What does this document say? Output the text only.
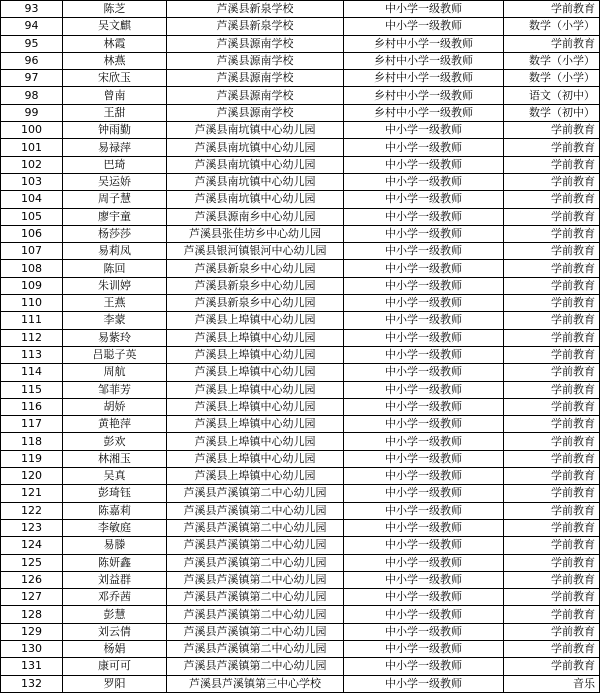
93	陈芝	芦溪县新泉学校	中小学一级教师	学前教育
94	吴文麒	芦溪县新泉学校	中小学一级教师	数学（小学）
95	林霞	芦溪县源南学校	乡村中小学一级教师	学前教育
96	林燕	芦溪县源南学校	乡村中小学一级教师	数学（小学）
97	宋欣玉	芦溪县源南学校	乡村中小学一级教师	数学（小学）
98	曾南	芦溪县源南学校	乡村中小学一级教师	语文（初中）
99	王甜	芦溪县源南学校	乡村中小学一级教师	数学（初中）
100	钟雨勤	芦溪县南坑镇中心幼儿园	中小学一级教师	学前教育
101	易禄萍	芦溪县南坑镇中心幼儿园	中小学一级教师	学前教育
102	巴琦	芦溪县南坑镇中心幼儿园	中小学一级教师	学前教育
103	吴运娇	芦溪县南坑镇中心幼儿园	中小学一级教师	学前教育
104	周子慧	芦溪县南坑镇中心幼儿园	中小学一级教师	学前教育
105	廖宇童	芦溪县源南乡中心幼儿园	中小学一级教师	学前教育
106	杨莎莎	芦溪县张佳坊乡中心幼儿园	中小学一级教师	学前教育
107	易莉凤	芦溪县银河镇银河中心幼儿园	中小学一级教师	学前教育
108	陈回	芦溪县新泉乡中心幼儿园	中小学一级教师	学前教育
109	朱训婷	芦溪县新泉乡中心幼儿园	中小学一级教师	学前教育
110	王燕	芦溪县新泉乡中心幼儿园	中小学一级教师	学前教育
111	李蒙	芦溪县上埠镇中心幼儿园	中小学一级教师	学前教育
112	易紫玲	芦溪县上埠镇中心幼儿园	中小学一级教师	学前教育
113	吕聪子英	芦溪县上埠镇中心幼儿园	中小学一级教师	学前教育
114	周航	芦溪县上埠镇中心幼儿园	中小学一级教师	学前教育
115	邹菲芳	芦溪县上埠镇中心幼儿园	中小学一级教师	学前教育
116	胡娇	芦溪县上埠镇中心幼儿园	中小学一级教师	学前教育
117	黄艳萍	芦溪县上埠镇中心幼儿园	中小学一级教师	学前教育
118	彭欢	芦溪县上埠镇中心幼儿园	中小学一级教师	学前教育
119	林湘玉	芦溪县上埠镇中心幼儿园	中小学一级教师	学前教育
120	吴真	芦溪县上埠镇中心幼儿园	中小学一级教师	学前教育
121	彭琦钰	芦溪县芦溪镇第二中心幼儿园	中小学一级教师	学前教育
122	陈嘉莉	芦溪县芦溪镇第二中心幼儿园	中小学一级教师	学前教育
123	李敏庭	芦溪县芦溪镇第二中心幼儿园	中小学一级教师	学前教育
124	易滕	芦溪县芦溪镇第二中心幼儿园	中小学一级教师	学前教育
125	陈妍鑫	芦溪县芦溪镇第二中心幼儿园	中小学一级教师	学前教育
126	刘益群	芦溪县芦溪镇第二中心幼儿园	中小学一级教师	学前教育
127	邓乔茜	芦溪县芦溪镇第二中心幼儿园	中小学一级教师	学前教育
128	彭慧	芦溪县芦溪镇第二中心幼儿园	中小学一级教师	学前教育
129	刘云倩	芦溪县芦溪镇第二中心幼儿园	中小学一级教师	学前教育
130	杨娟	芦溪县芦溪镇第二中心幼儿园	中小学一级教师	学前教育
131	康可可	芦溪县芦溪镇第二中心幼儿园	中小学一级教师	学前教育
132	罗阳	芦溪县芦溪镇第三中心学校	中小学一级教师	音乐
